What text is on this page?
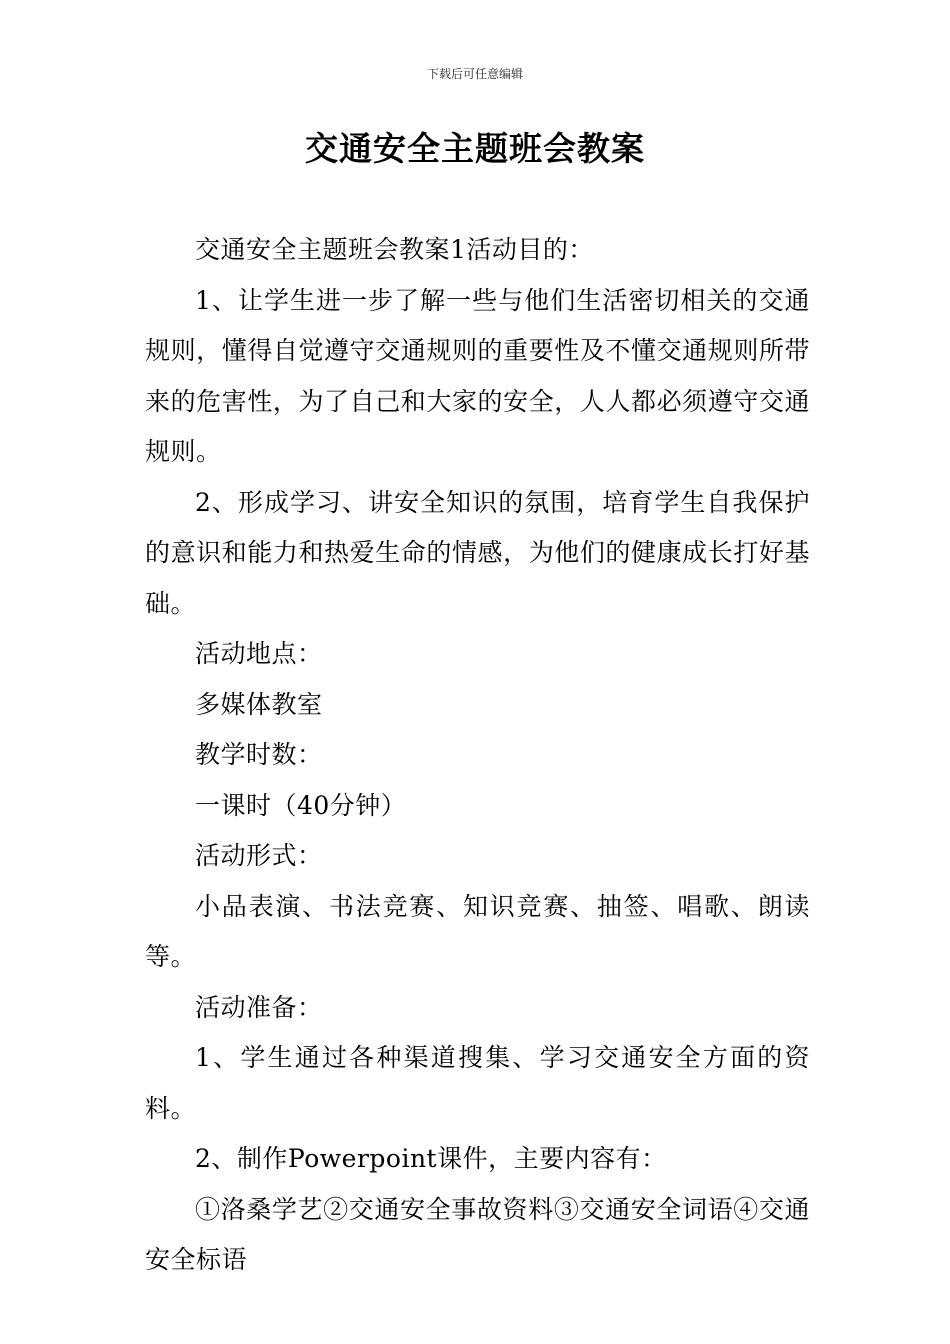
下载后可任意编辑
交通安全主题班会教案

交通安全主题班会教案1活动目的：

1、让学生进一步了解一些与他们生活密切相关的交通规则，懂得自觉遵守交通规则的重要性及不懂交通规则所带来的危害性，为了自己和大家的安全，人人都必须遵守交通规则。

2、形成学习、讲安全知识的氛围，培育学生自我保护的意识和能力和热爱生命的情感，为他们的健康成长打好基础。

活动地点：

多媒体教室

教学时数：

一课时（40分钟）

活动形式：

小品表演、书法竞赛、知识竞赛、抽签、唱歌、朗读等。

活动准备：

1、学生通过各种渠道搜集、学习交通安全方面的资料。

2、制作Powerpoint课件，主要内容有：

①洛桑学艺②交通安全事故资料③交通安全词语④交通安全标语
